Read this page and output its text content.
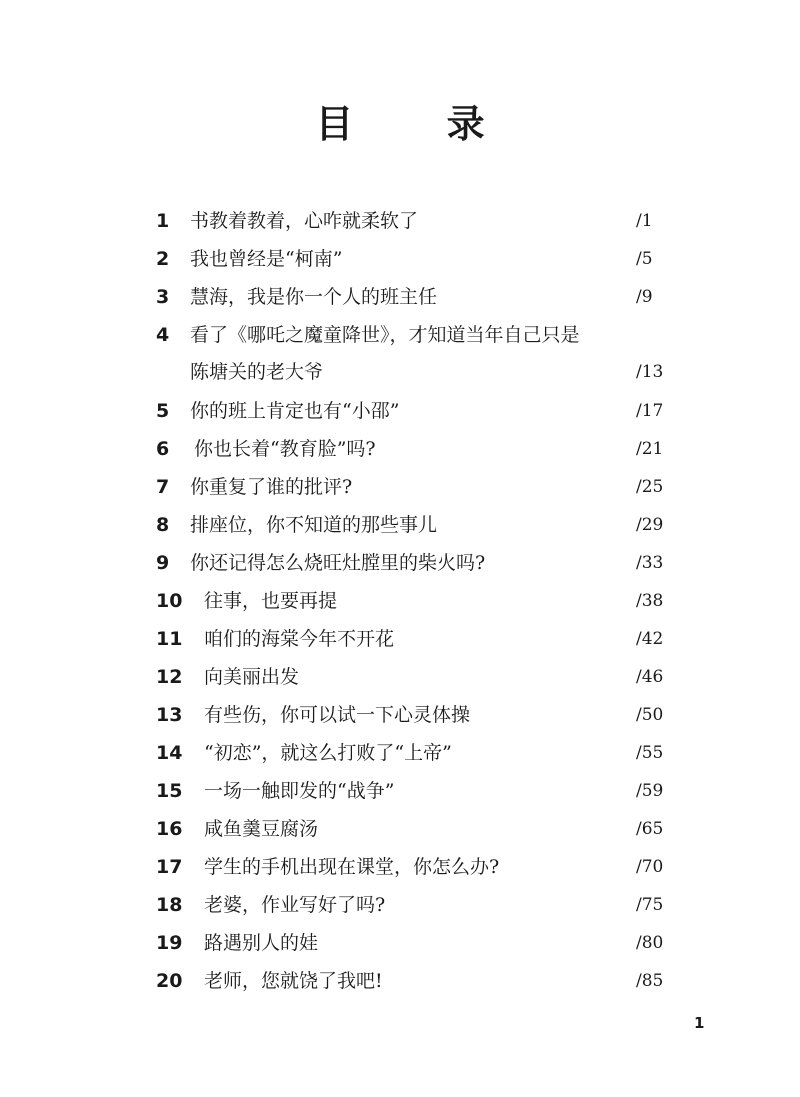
目 录
1	书教着教着，心咋就柔软了	/1
2	我也曾经是“柯南”	/5
3	慧海，我是你一个人的班主任	/9
4	看了《哪吒之魔童降世》，才知道当年自己只是
陈塘关的老大爷	/13
5	你的班上肯定也有“小邵”	/17
6	你也长着“教育脸”吗?	/21
7	你重复了谁的批评?	/25
8	排座位，你不知道的那些事儿	/29
9	你还记得怎么烧旺灶膛里的柴火吗?	/33
10	往事，也要再提	/38
11	咱们的海棠今年不开花	/42
12	向美丽出发	/46
13	有些伤，你可以试一下心灵体操	/50
14	“初恋”，就这么打败了“上帝”	/55
15	一场一触即发的“战争”	/59
16	咸鱼羹豆腐汤	/65
17	学生的手机出现在课堂，你怎么办?	/70
18	老婆，作业写好了吗?	/75
19	路遇别人的娃	/80
20	老师，您就饶了我吧!	/85
1
